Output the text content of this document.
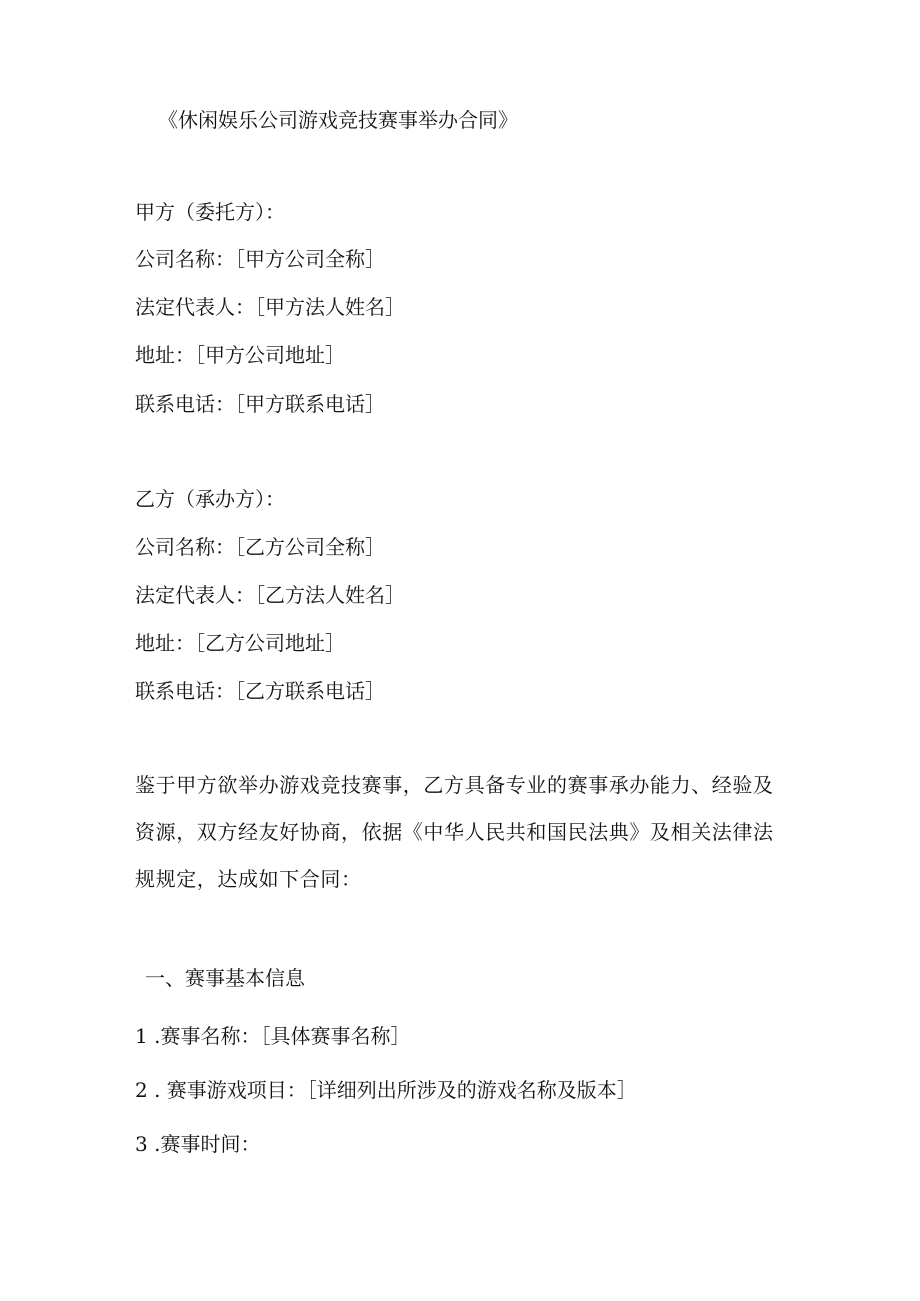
《休闲娱乐公司游戏竞技赛事举办合同》
甲方（委托方）：
公司名称：［甲方公司全称］
法定代表人：［甲方法人姓名］
地址：［甲方公司地址］
联系电话：［甲方联系电话］
乙方（承办方）：
公司名称：［乙方公司全称］
法定代表人：［乙方法人姓名］
地址：［乙方公司地址］
联系电话：［乙方联系电话］
鉴于甲方欲举办游戏竞技赛事，乙方具备专业的赛事承办能力、经验及资源，双方经友好协商，依据《中华人民共和国民法典》及相关法律法规规定，达成如下合同：
一、赛事基本信息
1 .赛事名称：［具体赛事名称］
2 . 赛事游戏项目：［详细列出所涉及的游戏名称及版本］
3 .赛事时间：
